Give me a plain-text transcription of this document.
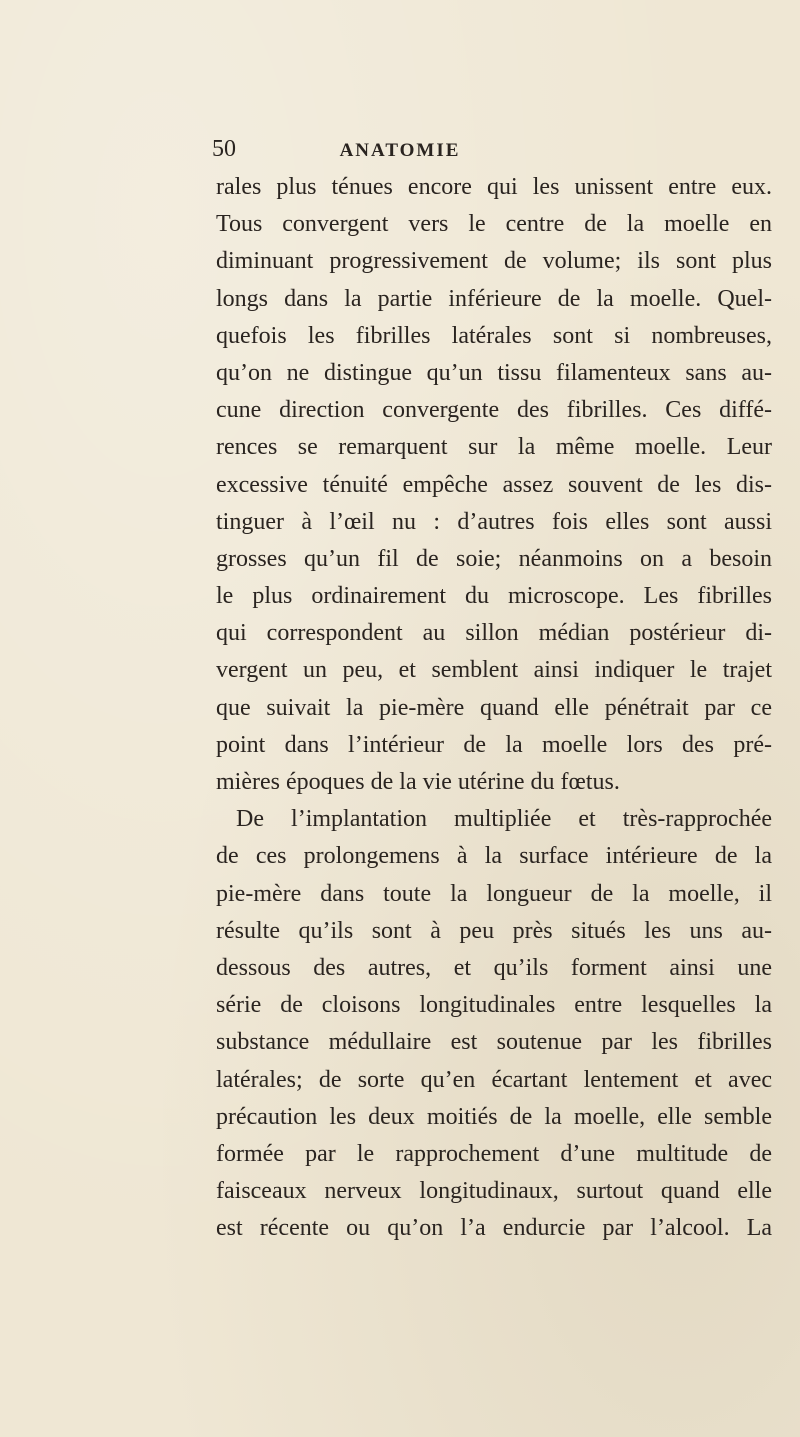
50	ANATOMIE
rales plus ténues encore qui les unissent entre eux.
Tous convergent vers le centre de la moelle en
diminuant progressivement de volume; ils sont plus
longs dans la partie inférieure de la moelle. Quel-
quefois les fibrilles latérales sont si nombreuses,
qu’on ne distingue qu’un tissu filamenteux sans au-
cune direction convergente des fibrilles. Ces diffé-
rences se remarquent sur la même moelle. Leur
excessive ténuité empêche assez souvent de les dis-
tinguer à l’œil nu : d’autres fois elles sont aussi
grosses qu’un fil de soie; néanmoins on a besoin
le plus ordinairement du microscope. Les fibrilles
qui correspondent au sillon médian postérieur di-
vergent un peu, et semblent ainsi indiquer le trajet
que suivait la pie-mère quand elle pénétrait par ce
point dans l’intérieur de la moelle lors des pré-
mières époques de la vie utérine du fœtus.
De l’implantation multipliée et très-rapprochée
de ces prolongemens à la surface intérieure de la
pie-mère dans toute la longueur de la moelle, il
résulte qu’ils sont à peu près situés les uns au-
dessous des autres, et qu’ils forment ainsi une
série de cloisons longitudinales entre lesquelles la
substance médullaire est soutenue par les fibrilles
latérales; de sorte qu’en écartant lentement et avec
précaution les deux moitiés de la moelle, elle semble
formée par le rapprochement d’une multitude de
faisceaux nerveux longitudinaux, surtout quand elle
est récente ou qu’on l’a endurcie par l’alcool. La
